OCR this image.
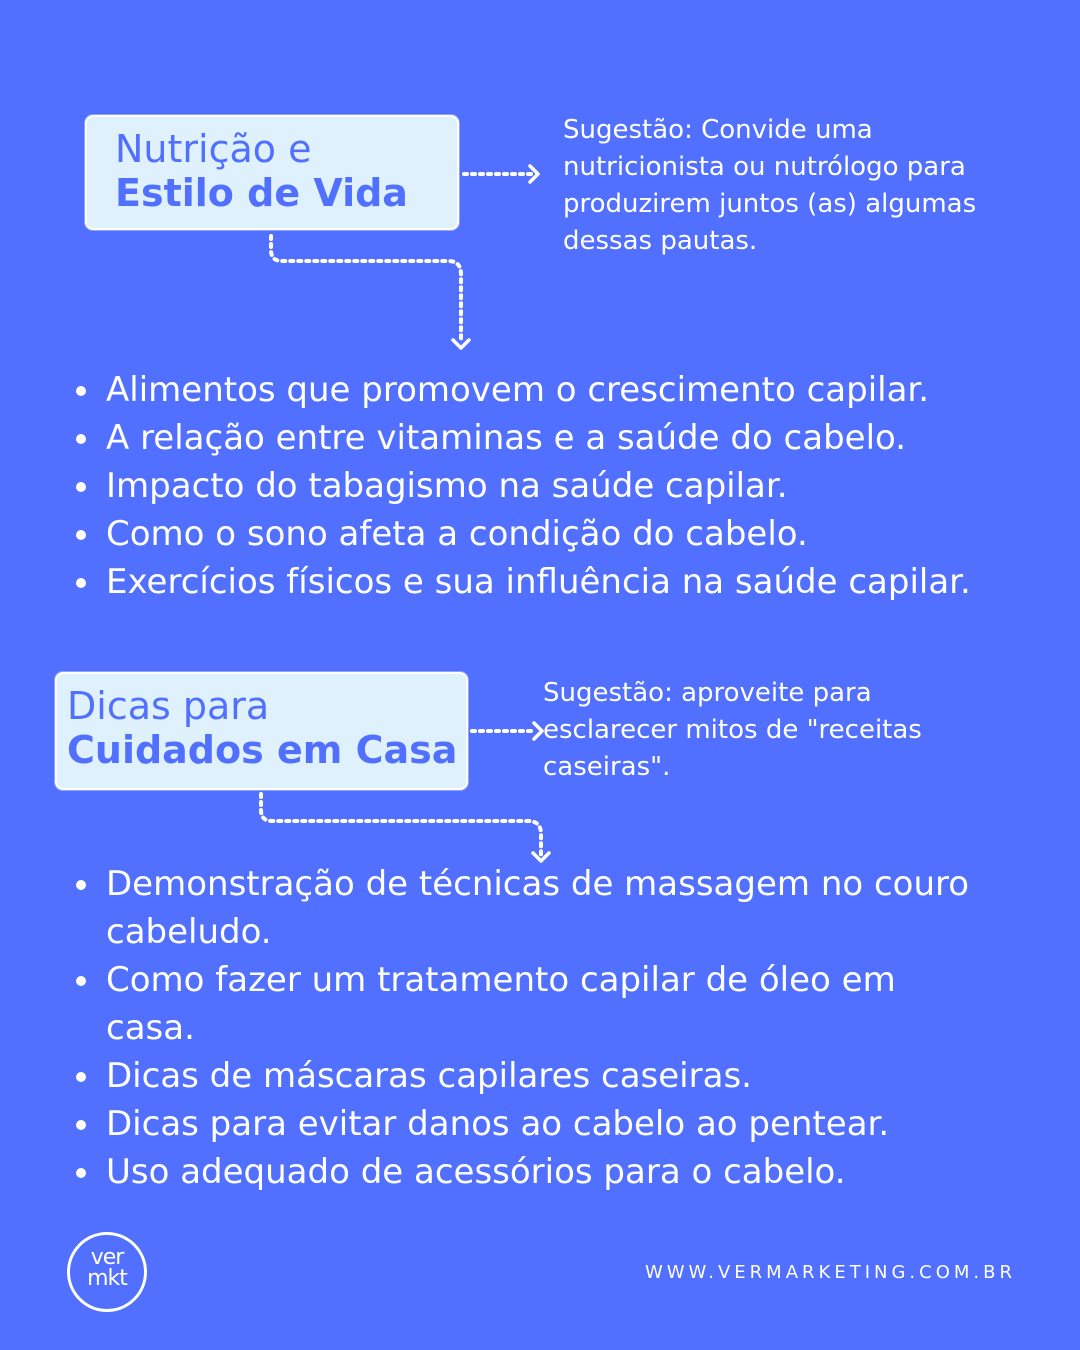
Nutrição e
Estilo de Vida

Sugestão: Convide uma nutricionista ou nutrólogo para produzirem juntos (as) algumas dessas pautas.

Alimentos que promovem o crescimento capilar.
A relação entre vitaminas e a saúde do cabelo.
Impacto do tabagismo na saúde capilar.
Como o sono afeta a condição do cabelo.
Exercícios físicos e sua influência na saúde capilar.
Dicas para
Cuidados em Casa

Sugestão: aproveite para esclarecer mitos de "receitas caseiras".

Demonstração de técnicas de massagem no couro cabeludo.
Como fazer um tratamento capilar de óleo em casa.
Dicas de máscaras capilares caseiras.
Dicas para evitar danos ao cabelo ao pentear.
Uso adequado de acessórios para o cabelo.
ver
mkt	WWW.VERMARKETING.COM.BR
